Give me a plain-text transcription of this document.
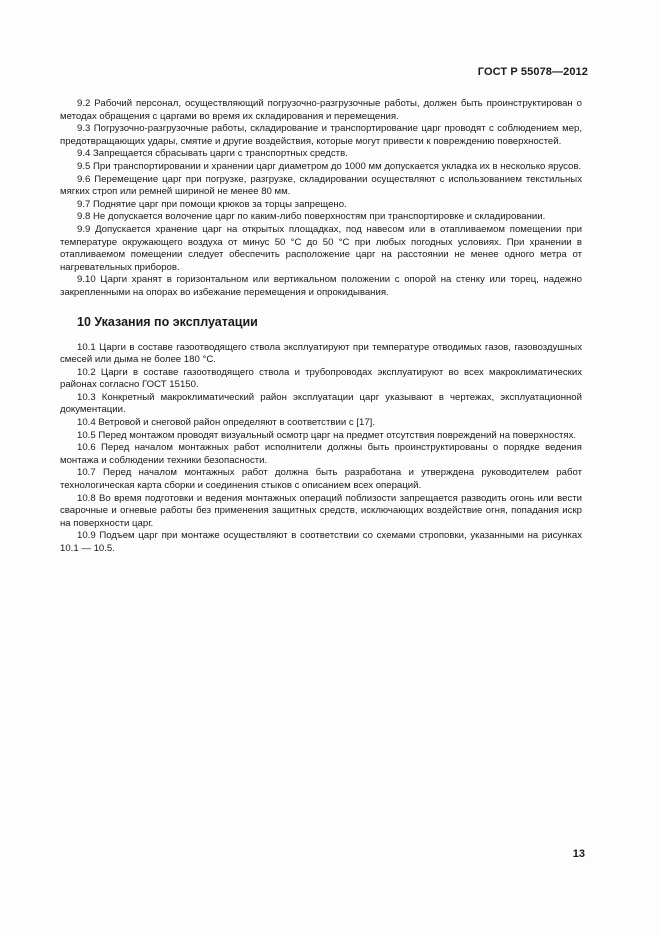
ГОСТ Р 55078—2012

9.2 Рабочий персонал, осуществляющий погрузочно-разгрузочные работы, должен быть проинструктирован о методах обращения с царгами во время их складирования и перемещения.

9.3 Погрузочно-разгрузочные работы, складирование и транспортирование царг проводят с соблюдением мер, предотвращающих удары, смятие и другие воздействия, которые могут привести к повреждению поверхностей.

9.4 Запрещается сбрасывать царги с транспортных средств.

9.5 При транспортировании и хранении царг диаметром до 1000 мм допускается укладка их в несколько ярусов.

9.6 Перемещение царг при погрузке, разгрузке, складировании осуществляют с использованием текстильных мягких строп или ремней шириной не менее 80 мм.

9.7 Поднятие царг при помощи крюков за торцы запрещено.

9.8 Не допускается волочение царг по каким-либо поверхностям при транспортировке и складировании.

9.9 Допускается хранение царг на открытых площадках, под навесом или в отапливаемом помещении при температуре окружающего воздуха от минус 50 °С до 50 °С при любых погодных условиях. При хранении в отапливаемом помещении следует обеспечить расположение царг на расстоянии не менее одного метра от нагревательных приборов.

9.10 Царги хранят в горизонтальном или вертикальном положении с опорой на стенку или торец, надежно закрепленными на опорах во избежание перемещения и опрокидывания.

10 Указания по эксплуатации

10.1 Царги в составе газоотводящего ствола эксплуатируют при температуре отводимых газов, газовоздушных смесей или дыма не более 180 °С.

10.2 Царги в составе газоотводящего ствола и трубопроводах эксплуатируют во всех макроклиматических районах согласно ГОСТ 15150.

10.3 Конкретный макроклиматический район эксплуатации царг указывают в чертежах, эксплуатационной документации.

10.4 Ветровой и снеговой район определяют в соответствии с [17].

10.5 Перед монтажом проводят визуальный осмотр царг на предмет отсутствия повреждений на поверхностях.

10.6 Перед началом монтажных работ исполнители должны быть проинструктированы о порядке ведения монтажа и соблюдении техники безопасности.

10.7 Перед началом монтажных работ должна быть разработана и утверждена руководителем работ технологическая карта сборки и соединения стыков с описанием всех операций.

10.8 Во время подготовки и ведения монтажных операций поблизости запрещается разводить огонь или вести сварочные и огневые работы без применения защитных средств, исключающих воздействие огня, попадания искр на поверхности царг.

10.9 Подъем царг при монтаже осуществляют в соответствии со схемами строповки, указанными на рисунках 10.1 — 10.5.

13
